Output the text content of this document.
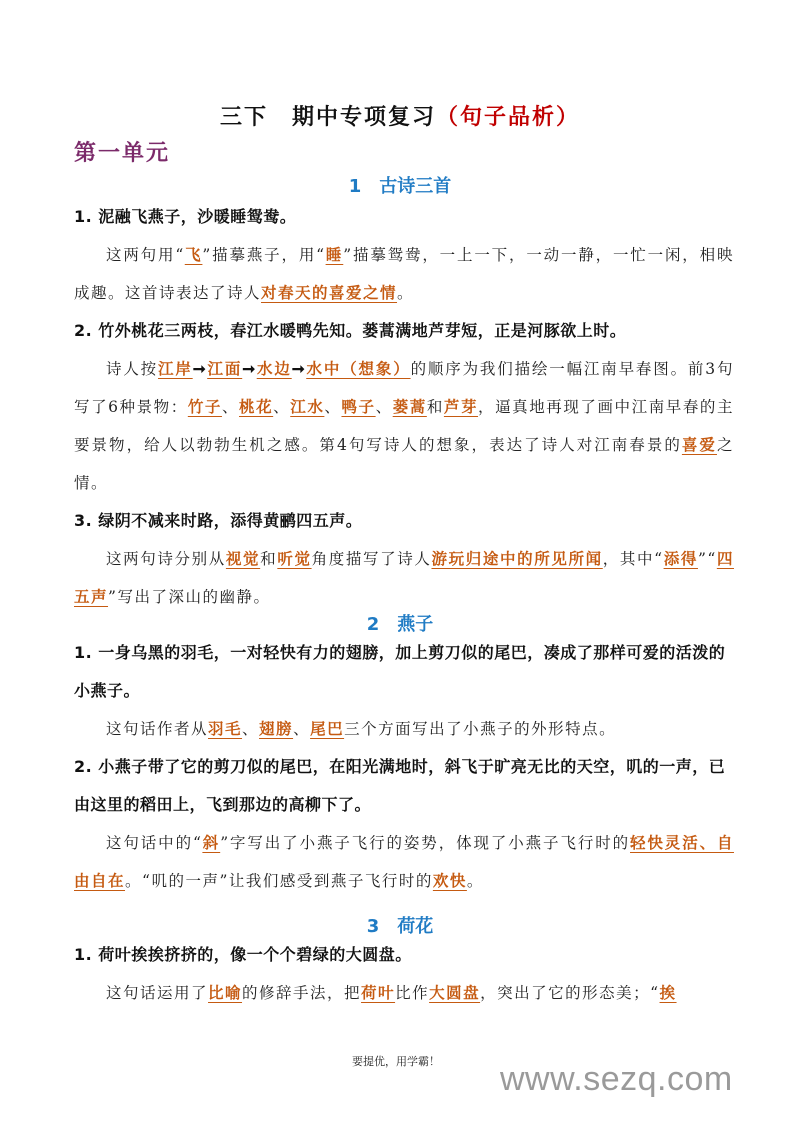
三下　期中专项复习（句子品析）
第一单元
1 古诗三首
1. 泥融飞燕子，沙暖睡鸳鸯。
这两句用“飞”描摹燕子，用“睡”描摹鸳鸯，一上一下，一动一静，一忙一闲，相映成趣。这首诗表达了诗人对春天的喜爱之情。
2. 竹外桃花三两枝，春江水暖鸭先知。蒌蒿满地芦芽短，正是河豚欲上时。
诗人按江岸➞江面➞水边➞水中（想象）的顺序为我们描绘一幅江南早春图。前3句写了6种景物：竹子、桃花、江水、鸭子、蒌蒿和芦芽，逼真地再现了画中江南早春的主要景物，给人以勃勃生机之感。第4句写诗人的想象，表达了诗人对江南春景的喜爱之情。
3. 绿阴不减来时路，添得黄鹂四五声。
这两句诗分别从视觉和听觉角度描写了诗人游玩归途中的所见所闻，其中“添得”“四五声”写出了深山的幽静。
2 燕子
1. 一身乌黑的羽毛，一对轻快有力的翅膀，加上剪刀似的尾巴，凑成了那样可爱的活泼的小燕子。
这句话作者从羽毛、翅膀、尾巴三个方面写出了小燕子的外形特点。
2. 小燕子带了它的剪刀似的尾巴，在阳光满地时，斜飞于旷亮无比的天空，叽的一声，已由这里的稻田上，飞到那边的高柳下了。
这句话中的“斜”字写出了小燕子飞行的姿势，体现了小燕子飞行时的轻快灵活、自由自在。“叽的一声”让我们感受到燕子飞行时的欢快。
3 荷花
1. 荷叶挨挨挤挤的，像一个个碧绿的大圆盘。
这句话运用了比喻的修辞手法，把荷叶比作大圆盘，突出了它的形态美；“挨
要提优，用学霸！ www.sezq.com
